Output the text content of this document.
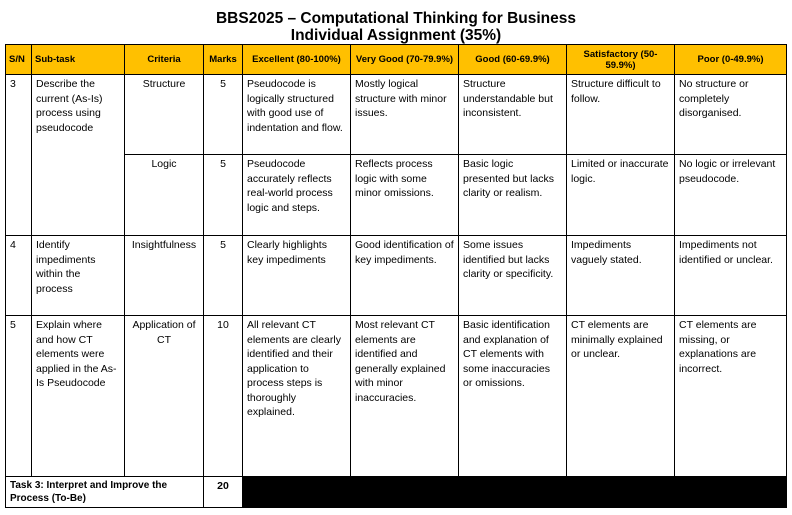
BBS2025 – Computational Thinking for Business
Individual Assignment (35%)
S/N	Sub-task	Criteria	Marks	Excellent (80-100%)	Very Good (70-79.9%)	Good (60-69.9%)	Satisfactory (50-59.9%)	Poor (0-49.9%)
3	Describe the current (As-Is) process using pseudocode	Structure	5	Pseudocode is logically structured with good use of indentation and flow.	Mostly logical structure with minor issues.	Structure understandable but inconsistent.	Structure difficult to follow.	No structure or completely disorganised.
		Logic	5	Pseudocode accurately reflects real-world process logic and steps.	Reflects process logic with some minor omissions.	Basic logic presented but lacks clarity or realism.	Limited or inaccurate logic.	No logic or irrelevant pseudocode.
4	Identify impediments within the process	Insightfulness	5	Clearly highlights key impediments	Good identification of key impediments.	Some issues identified but lacks clarity or specificity.	Impediments vaguely stated.	Impediments not identified or unclear.
5	Explain where and how CT elements were applied in the As-Is Pseudocode	Application of CT	10	All relevant CT elements are clearly identified and their application to process steps is thoroughly explained.	Most relevant CT elements are identified and generally explained with minor inaccuracies.	Basic identification and explanation of CT elements with some inaccuracies or omissions.	CT elements are minimally explained or unclear.	CT elements are missing, or explanations are incorrect.
Task 3: Interpret and Improve the Process (To-Be)			20					
